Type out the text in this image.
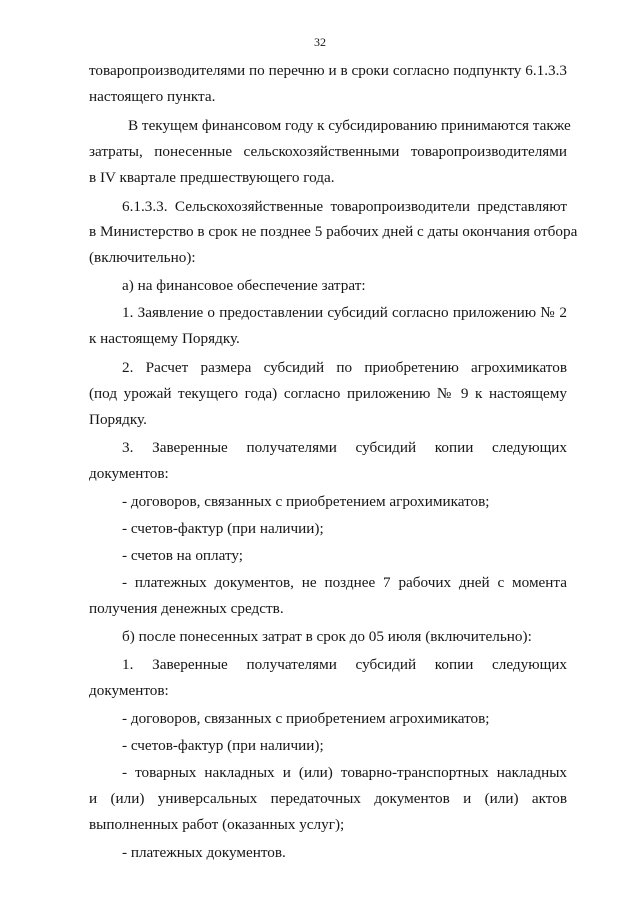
32
товаропроизводителями по перечню и в сроки согласно подпункту 6.1.3.3
настоящего пункта.
В текущем финансовом году к субсидированию принимаются также
затраты, понесенные сельскохозяйственными товаропроизводителями
в IV квартале предшествующего года.
6.1.3.3. Сельскохозяйственные товаропроизводители представляют
в Министерство в срок не позднее 5 рабочих дней с даты окончания отбора
(включительно):
а) на финансовое обеспечение затрат:
1. Заявление о предоставлении субсидий согласно приложению № 2
к настоящему Порядку.
2. Расчет размера субсидий по приобретению агрохимикатов
(под урожай текущего года) согласно приложению № 9 к настоящему
Порядку.
3. Заверенные получателями субсидий копии следующих
документов:
- договоров, связанных с приобретением агрохимикатов;
- счетов-фактур (при наличии);
- счетов на оплату;
- платежных документов, не позднее 7 рабочих дней с момента
получения денежных средств.
б) после понесенных затрат в срок до 05 июля (включительно):
1. Заверенные получателями субсидий копии следующих
документов:
- договоров, связанных с приобретением агрохимикатов;
- счетов-фактур (при наличии);
- товарных накладных и (или) товарно-транспортных накладных
и (или) универсальных передаточных документов и (или) актов
выполненных работ (оказанных услуг);
- платежных документов.
